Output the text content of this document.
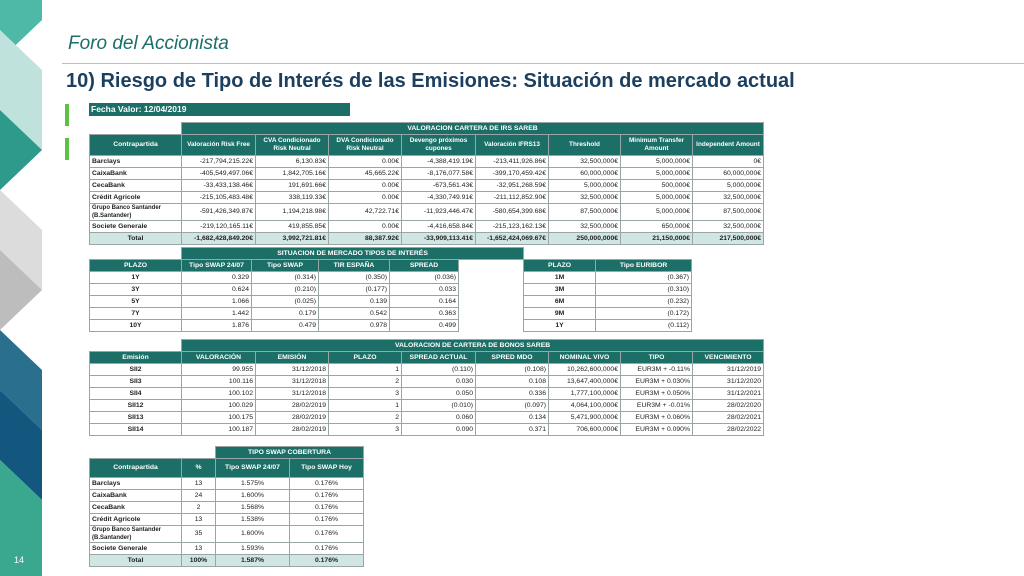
14
Foro del Accionista
10) Riesgo de Tipo de Interés de las Emisiones: Situación de mercado actual
Fecha Valor: 12/04/2019
	VALORACION CARTERA DE IRS SAREB							
Contrapartida	Valoración Risk Free	CVA Condicionado Risk Neutral	DVA Condicionado Risk Neutral	Devengo próximos cupones	Valoración IFRS13	Threshold	Minimum Transfer Amount	Independent Amount
Barclays	-217,794,215.22€	6,130.83€	0.00€	-4,388,419.19€	-213,411,926.86€	32,500,000€	5,000,000€	0€
CaixaBank	-405,549,497.06€	1,842,705.16€	45,665.22€	-8,176,077.58€	-399,170,459.42€	60,000,000€	5,000,000€	60,000,000€
CecaBank	-33,433,138.46€	191,691.66€	0.00€	-673,561.43€	-32,951,268.59€	5,000,000€	500,000€	5,000,000€
Crédit Agricole	-215,105,483.48€	338,119.33€	0.00€	-4,330,749.91€	-211,112,852.90€	32,500,000€	5,000,000€	32,500,000€
Grupo Banco Santander (B.Santander)	-591,426,349.87€	1,194,218.98€	42,722.71€	-11,923,446.47€	-580,654,399.68€	87,500,000€	5,000,000€	87,500,000€
Societe Generale	-219,120,165.11€	419,855.85€	0.00€	-4,416,658.84€	-215,123,162.13€	32,500,000€	650,000€	32,500,000€
Total	-1,682,428,849.20€	3,992,721.81€	88,387.92€	-33,909,113.41€	-1,652,424,069.67€	250,000,000€	21,150,000€	217,500,000€
	SITUACION DE MERCADO TIPOS DE INTERÉS						
PLAZO	Tipo SWAP 24/07	Tipo SWAP	TIR ESPAÑA	SPREAD		PLAZO	Tipo EURIBOR
1Y	0.329	(0.314)	(0.350)	(0.036)		1M	(0.367)
3Y	0.624	(0.210)	(0.177)	0.033		3M	(0.310)
5Y	1.066	(0.025)	0.139	0.164		6M	(0.232)
7Y	1.442	0.179	0.542	0.363		9M	(0.172)
10Y	1.876	0.479	0.978	0.499		1Y	(0.112)
	VALORACION DE CARTERA DE BONOS SAREB							
Emisión	VALORACIÓN	EMISIÓN	PLAZO	SPREAD ACTUAL	SPRED MDO	NOMINAL VIVO	TIPO	VENCIMIENTO
SII2	99.955	31/12/2018	1	(0.110)	(0.108)	10,262,600,000€	EUR3M + -0.11%	31/12/2019
SII3	100.116	31/12/2018	2	0.030	0.108	13,647,400,000€	EUR3M + 0.030%	31/12/2020
SII4	100.102	31/12/2018	3	0.050	0.336	1,777,100,000€	EUR3M + 0.050%	31/12/2021
SII12	100.029	28/02/2019	1	(0.010)	(0.097)	4,064,100,000€	EUR3M + -0.01%	28/02/2020
SII13	100.175	28/02/2019	2	0.060	0.134	5,471,900,000€	EUR3M + 0.060%	28/02/2021
SII14	100.187	28/02/2019	3	0.090	0.371	706,600,000€	EUR3M + 0.090%	28/02/2022
		TIPO SWAP COBERTURA	
Contrapartida	%	Tipo SWAP 24/07	Tipo SWAP Hoy
Barclays	13	1.575%	0.176%
CaixaBank	24	1.600%	0.176%
CecaBank	2	1.568%	0.176%
Crédit Agricole	13	1.538%	0.176%
Grupo Banco Santander (B.Santander)	35	1.600%	0.176%
Societe Generale	13	1.593%	0.176%
Total	100%	1.587%	0.176%
